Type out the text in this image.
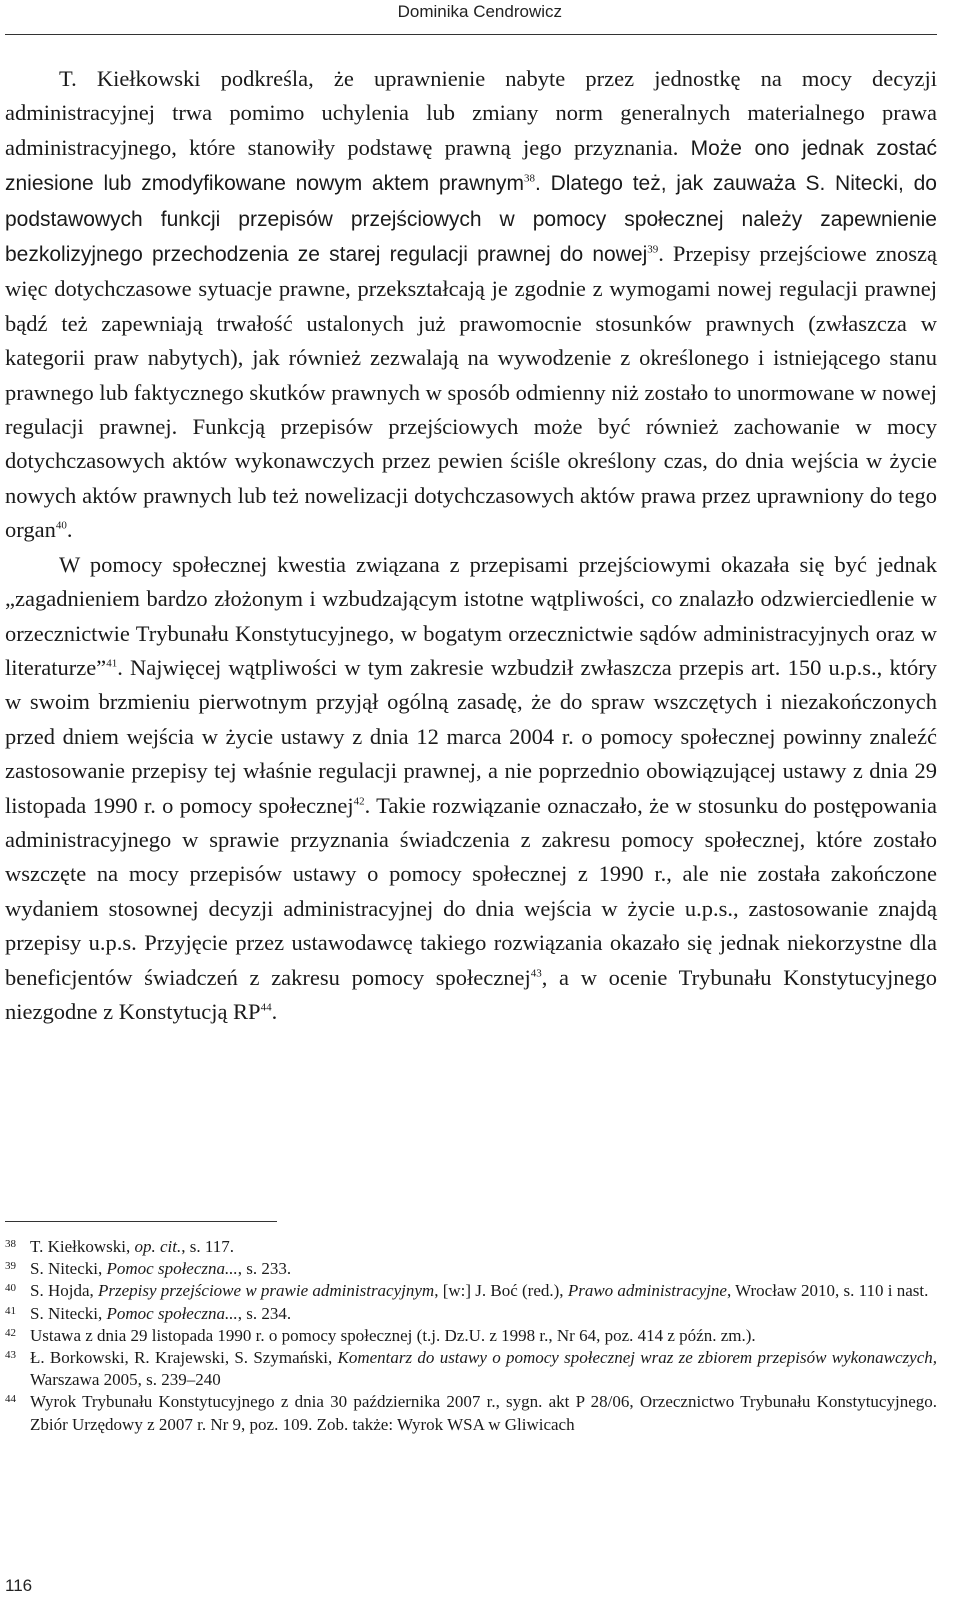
Dominika Cendrowicz

T. Kiełkowski podkreśla, że uprawnienie nabyte przez jednostkę na mocy decyzji administracyjnej trwa pomimo uchylenia lub zmiany norm generalnych materialnego prawa administracyjnego, które stanowiły podstawę prawną jego przyznania. Może ono jednak zostać zniesione lub zmodyfikowane nowym aktem prawnym$^{38}$. Dlatego też, jak zauważa S. Nitecki, do podstawowych funkcji przepisów przejściowych w pomocy społecznej należy zapewnienie bezkolizyjnego przechodzenia ze starej regulacji prawnej do nowej$^{39}$. Przepisy przejściowe znoszą więc dotychczasowe sytuacje prawne, przekształcają je zgodnie z wymogami nowej regulacji prawnej bądź też zapewniają trwałość ustalonych już prawomocnie stosunków prawnych (zwłaszcza w kategorii praw nabytych), jak również zezwalają na wywodzenie z określonego i istniejącego stanu prawnego lub faktycznego skutków prawnych w sposób odmienny niż zostało to unormowane w nowej regulacji prawnej. Funkcją przepisów przejściowych może być również zachowanie w mocy dotychczasowych aktów wykonawczych przez pewien ściśle określony czas, do dnia wejścia w życie nowych aktów prawnych lub też nowelizacji dotychczasowych aktów prawa przez uprawniony do tego organ$^{40}$.

W pomocy społecznej kwestia związana z przepisami przejściowymi okazała się być jednak „zagadnieniem bardzo złożonym i wzbudzającym istotne wątpliwości, co znalazło odzwierciedlenie w orzecznictwie Trybunału Konstytucyjnego, w bogatym orzecznictwie sądów administracyjnych oraz w literaturze”$^{41}$. Najwięcej wątpliwości w tym zakresie wzbudził zwłaszcza przepis art. 150 u.p.s., który w swoim brzmieniu pierwotnym przyjął ogólną zasadę, że do spraw wszczętych i niezakończonych przed dniem wejścia w życie ustawy z dnia 12 marca 2004 r. o pomocy społecznej powinny znaleźć zastosowanie przepisy tej właśnie regulacji prawnej, a nie poprzednio obowiązującej ustawy z dnia 29 listopada 1990 r. o pomocy społecznej$^{42}$. Takie rozwiązanie oznaczało, że w stosunku do postępowania administracyjnego w sprawie przyznania świadczenia z zakresu pomocy społecznej, które zostało wszczęte na mocy przepisów ustawy o pomocy społecznej z 1990 r., ale nie została zakończone wydaniem stosownej decyzji administracyjnej do dnia wejścia w życie u.p.s., zastosowanie znajdą przepisy u.p.s. Przyjęcie przez ustawodawcę takiego rozwiązania okazało się jednak niekorzystne dla beneficjentów świadczeń z zakresu pomocy społecznej$^{43}$, a w ocenie Trybunału Konstytucyjnego niezgodne z Konstytucją RP$^{44}$.

38 T. Kiełkowski, op. cit., s. 117.
39 S. Nitecki, Pomoc społeczna..., s. 233.
40 S. Hojda, Przepisy przejściowe w prawie administracyjnym, [w:] J. Boć (red.), Prawo administracyjne, Wrocław 2010, s. 110 i nast.
41 S. Nitecki, Pomoc społeczna..., s. 234.
42 Ustawa z dnia 29 listopada 1990 r. o pomocy społecznej (t.j. Dz.U. z 1998 r., Nr 64, poz. 414 z późn. zm.).
43 Ł. Borkowski, R. Krajewski, S. Szymański, Komentarz do ustawy o pomocy społecznej wraz ze zbiorem przepisów wykonawczych, Warszawa 2005, s. 239–240
44 Wyrok Trybunału Konstytucyjnego z dnia 30 października 2007 r., sygn. akt P 28/06, Orzecznictwo Trybunału Konstytucyjnego. Zbiór Urzędowy z 2007 r. Nr 9, poz. 109. Zob. także: Wyrok WSA w Gliwicach
116
